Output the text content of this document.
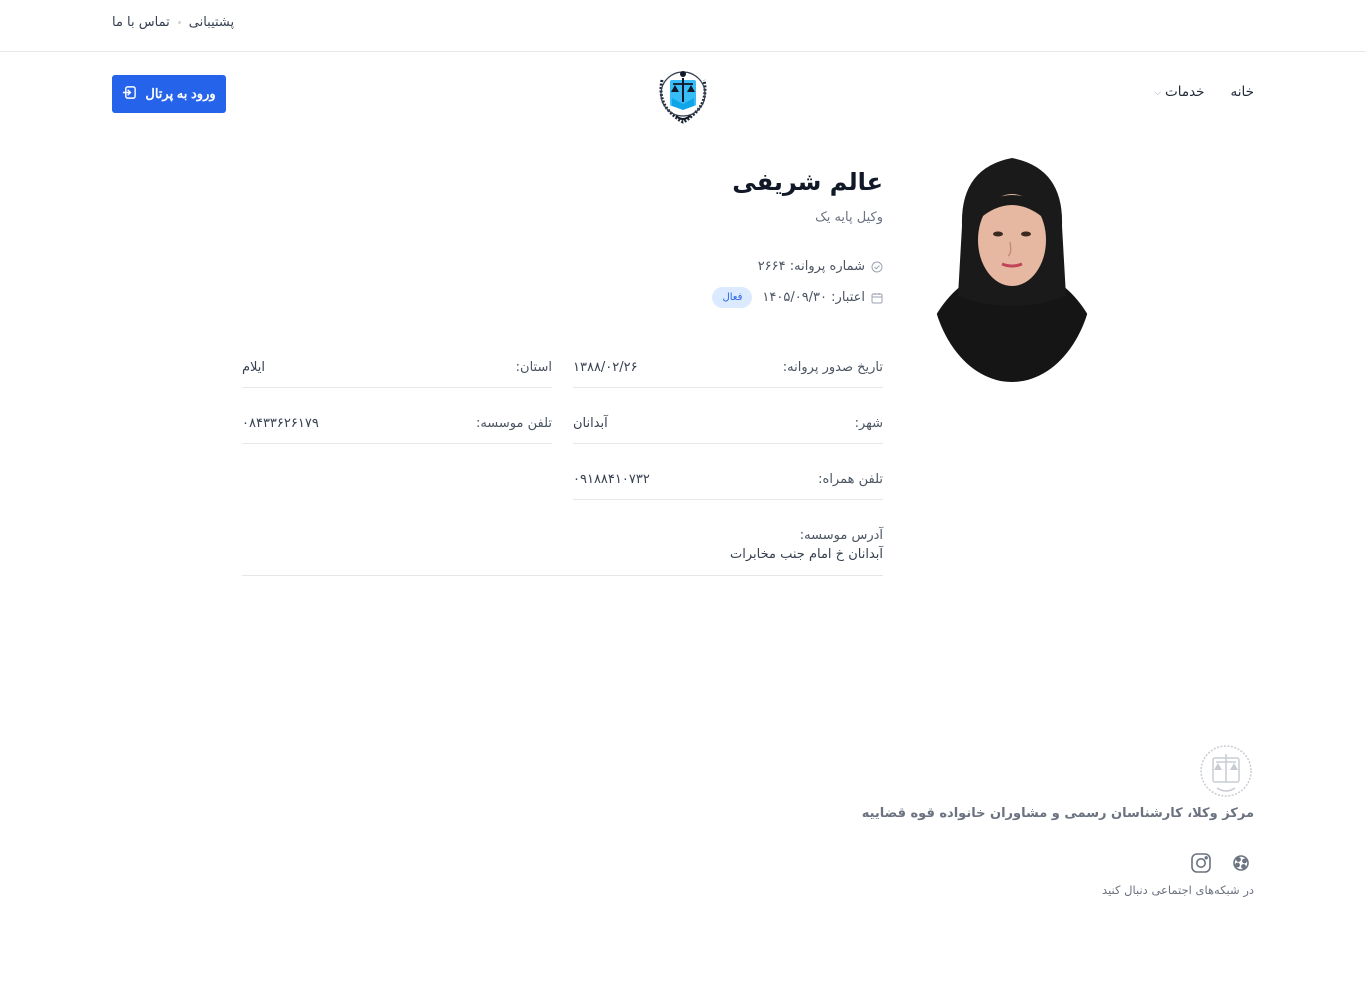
پشتیبانی
تماس با ما
خانه
خدمات
⌵
ورود به پرتال
عالم شریفی
وکیل پایه یک
شماره پروانه: ۲۶۶۴
اعتبار: ۱۴۰۵/۰۹/۳۰
فعال
تاریخ صدور پروانه:
۱۳۸۸/۰۲/۲۶
استان:
ایلام
شهر:
آبدانان
تلفن موسسه:
۰۸۴۳۳۶۲۶۱۷۹
تلفن همراه:
۰۹۱۸۸۴۱۰۷۳۲
آدرس موسسه:
آبدانان خ امام جنب مخابرات
مرکز وکلا، کارشناسان رسمی و مشاوران خانواده قوه قضاییه
در شبکه‌های اجتماعی دنبال کنید
